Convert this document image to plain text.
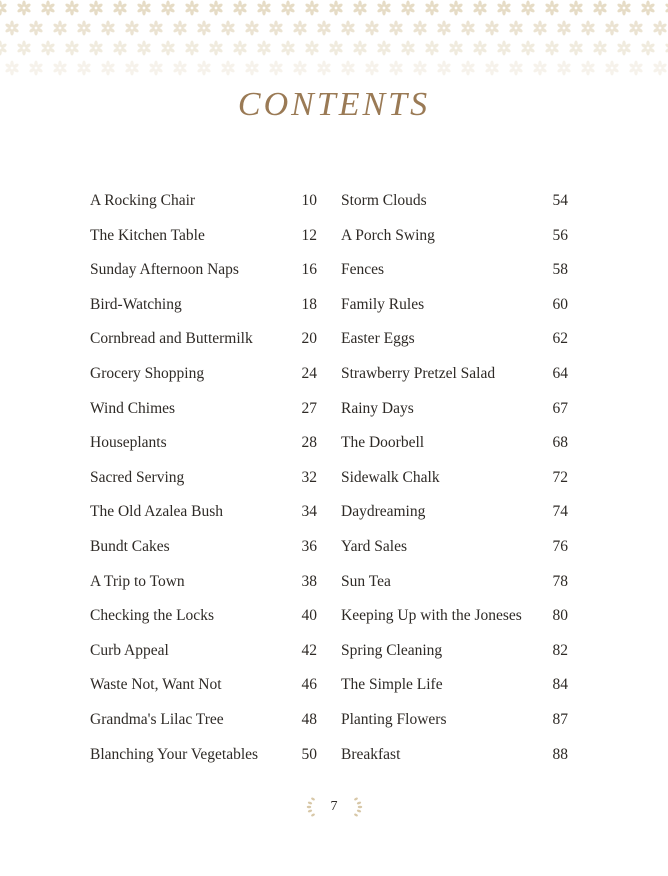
CONTENTS
A Rocking Chair	10
The Kitchen Table	12
Sunday Afternoon Naps	16
Bird-Watching	18
Cornbread and Buttermilk	20
Grocery Shopping	24
Wind Chimes	27
Houseplants	28
Sacred Serving	32
The Old Azalea Bush	34
Bundt Cakes	36
A Trip to Town	38
Checking the Locks	40
Curb Appeal	42
Waste Not, Want Not	46
Grandma's Lilac Tree	48
Blanching Your Vegetables	50
Storm Clouds	54
A Porch Swing	56
Fences	58
Family Rules	60
Easter Eggs	62
Strawberry Pretzel Salad	64
Rainy Days	67
The Doorbell	68
Sidewalk Chalk	72
Daydreaming	74
Yard Sales	76
Sun Tea	78
Keeping Up with the Joneses 80
Spring Cleaning	82
The Simple Life	84
Planting Flowers	87
Breakfast	88
7
